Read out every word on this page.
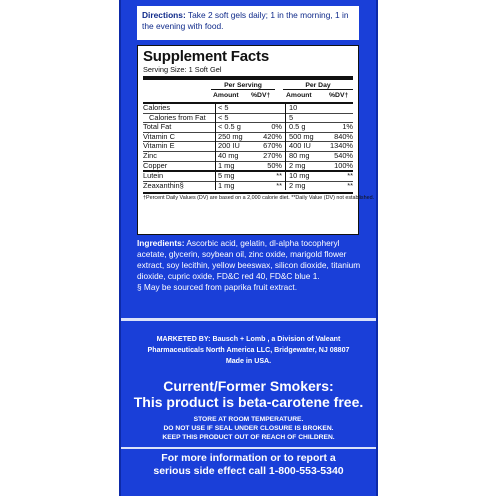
Directions: Take 2 soft gels daily; 1 in the morning, 1 in the evening with food.
Supplement Facts
Serving Size: 1 Soft Gel
Per Serving	Per Day
Amount %DV† Amount	%DV†
Calories	< 5		10	
Calories from Fat	< 5		5	
Total Fat	< 0.5 g	0%	0.5 g	1%
Vitamin C	250 mg	420%	500 mg	840%
Vitamin E	200 IU	670%	400 IU	1340%
Zinc	40 mg	270%	80 mg	540%
Copper	1 mg	50%	2 mg	100%
Lutein	5 mg	**	10 mg	**
Zeaxanthin§	1 mg	**	2 mg	**
†Percent Daily Values (DV) are based on a 2,000 calorie diet. **Daily Value (DV) not established.
Ingredients: Ascorbic acid, gelatin, dl-alpha tocopheryl acetate, glycerin, soybean oil, zinc oxide, marigold flower extract, soy lecithin, yellow beeswax, silicon dioxide, titanium dioxide, cupric oxide, FD&C red 40, FD&C blue 1.
§ May be sourced from paprika fruit extract.
MARKETED BY: Bausch + Lomb , a Division of Valeant
Pharmaceuticals North America LLC, Bridgewater, NJ 08807
Made in USA.
Current/Former Smokers:
This product is beta-carotene free.
STORE AT ROOM TEMPERATURE.
DO NOT USE IF SEAL UNDER CLOSURE IS BROKEN.
KEEP THIS PRODUCT OUT OF REACH OF CHILDREN.
For more information or to report a
serious side effect call 1-800-553-5340
